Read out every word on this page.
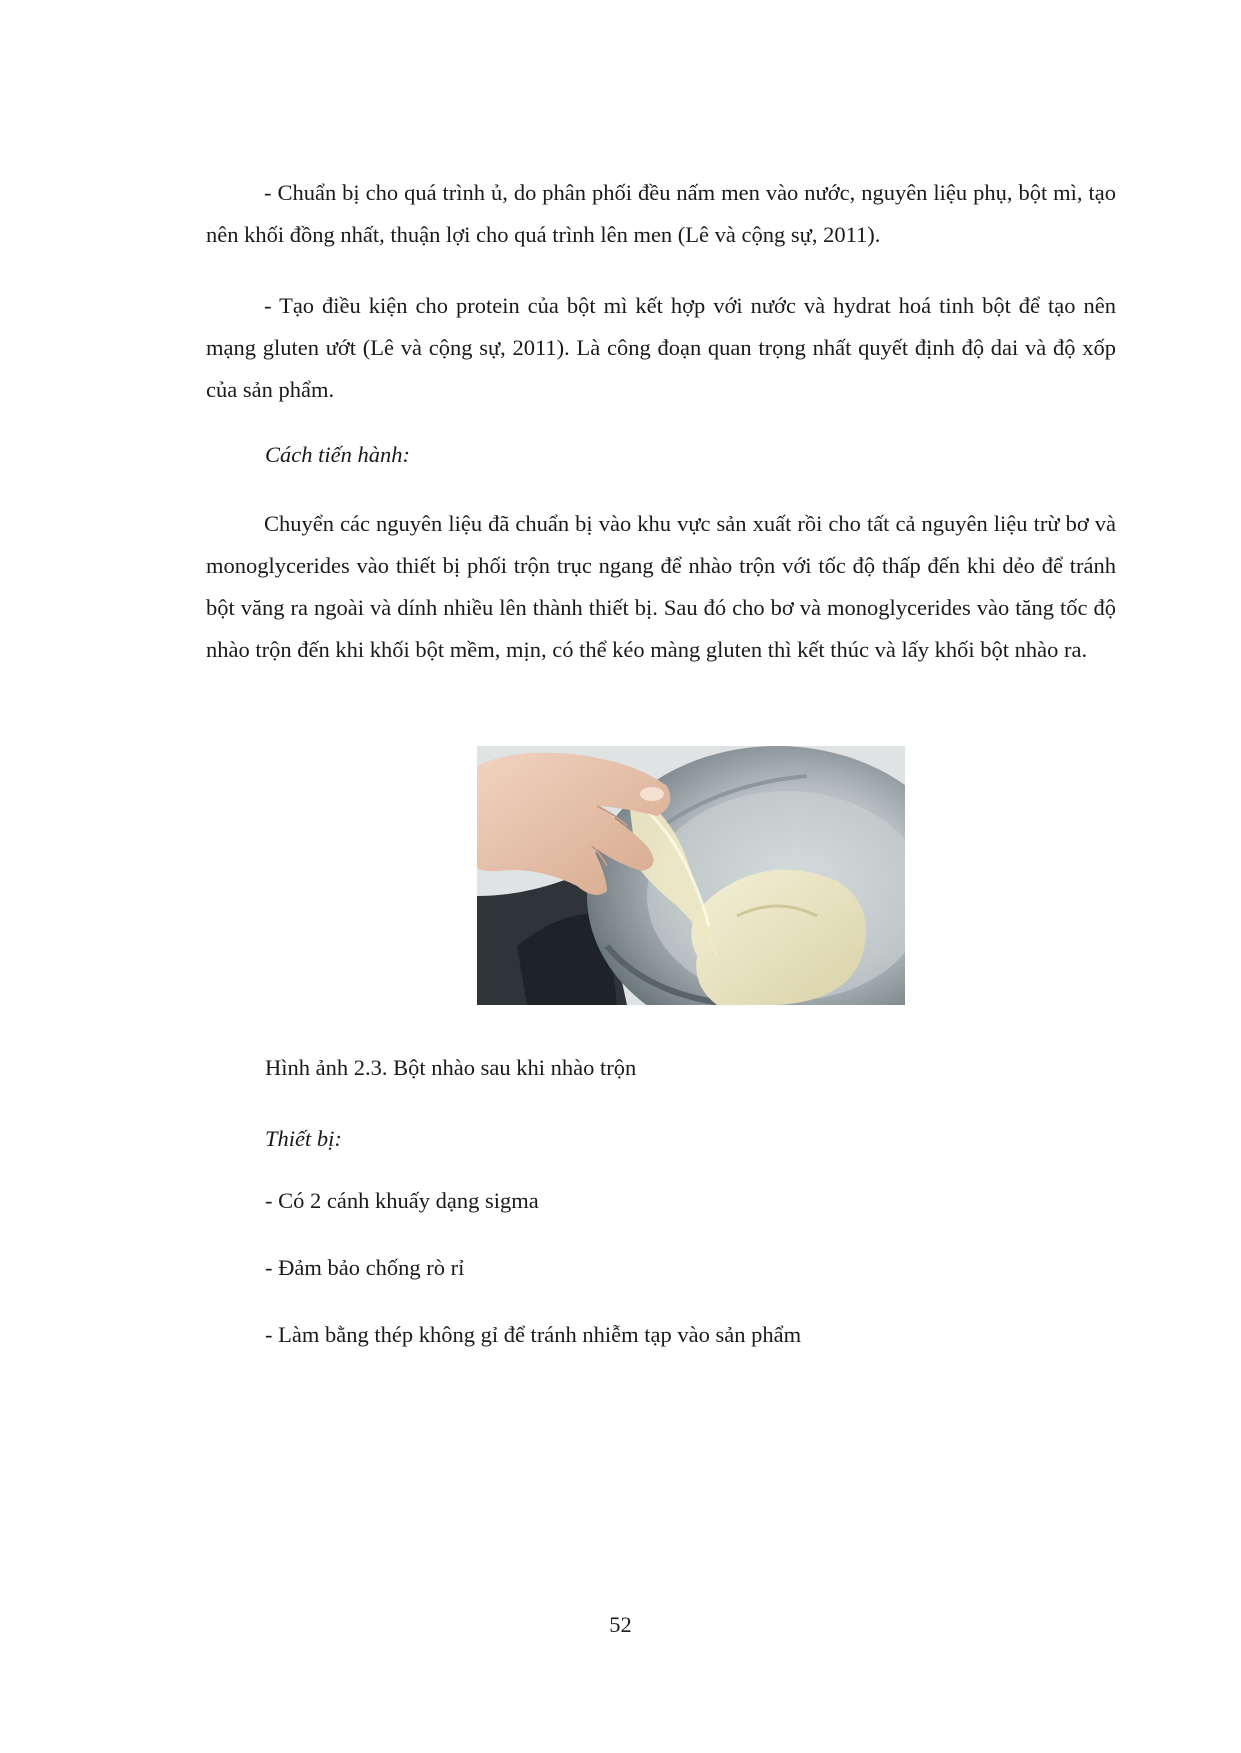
- Chuẩn bị cho quá trình ủ, do phân phối đều nấm men vào nước, nguyên liệu phụ, bột mì, tạo nên khối đồng nhất, thuận lợi cho quá trình lên men (Lê và cộng sự, 2011).

- Tạo điều kiện cho protein của bột mì kết hợp với nước và hydrat hoá tinh bột để tạo nên mạng gluten ướt (Lê và cộng sự, 2011). Là công đoạn quan trọng nhất quyết định độ dai và độ xốp của sản phẩm.

Cách tiến hành:

Chuyển các nguyên liệu đã chuẩn bị vào khu vực sản xuất rồi cho tất cả nguyên liệu trừ bơ và monoglycerides vào thiết bị phối trộn trục ngang để nhào trộn với tốc độ thấp đến khi dẻo để tránh bột văng ra ngoài và dính nhiều lên thành thiết bị. Sau đó cho bơ và monoglycerides vào tăng tốc độ nhào trộn đến khi khối bột mềm, mịn, có thể kéo màng gluten thì kết thúc và lấy khối bột nhào ra.

Hình ảnh 2.3. Bột nhào sau khi nhào trộn

Thiết bị:

- Có 2 cánh khuấy dạng sigma

- Đảm bảo chống rò rỉ

- Làm bằng thép không gỉ để tránh nhiễm tạp vào sản phẩm

52
